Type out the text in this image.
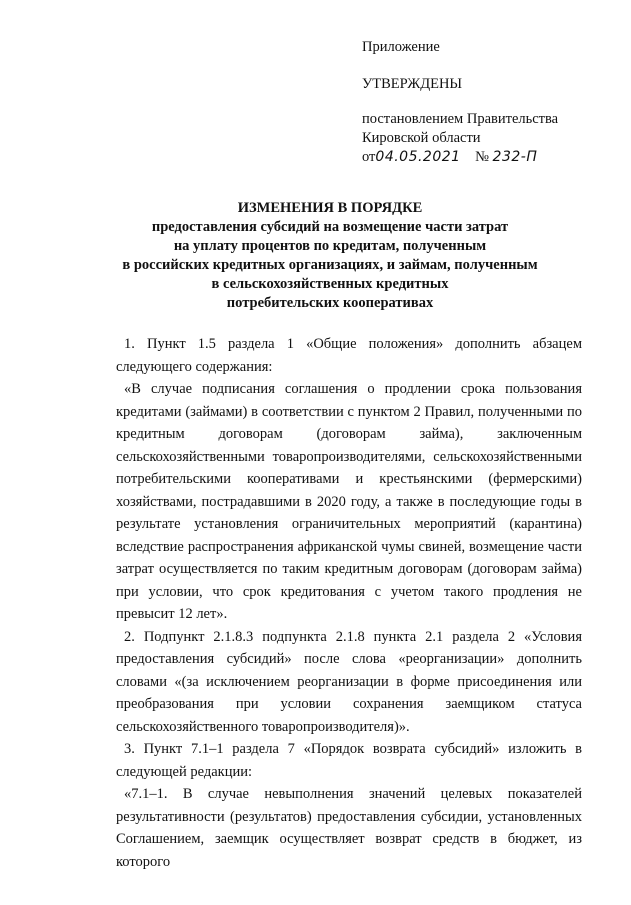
Приложение
УТВЕРЖДЕНЫ
постановлением Правительства
Кировской области
от04.05.2021 № 232-П
ИЗМЕНЕНИЯ В ПОРЯДКЕ
предоставления субсидий на возмещение части затрат
на уплату процентов по кредитам, полученным
в российских кредитных организациях, и займам, полученным
в сельскохозяйственных кредитных
потребительских кооперативах

1. Пункт 1.5 раздела 1 «Общие положения» дополнить абзацем следующего содержания:

«В случае подписания соглашения о продлении срока пользования кредитами (займами) в соответствии с пунктом 2 Правил, полученными по кредитным договорам (договорам займа), заключенным сельскохозяйственными товаропроизводителями, сельскохозяйственными потребительскими кооперативами и крестьянскими (фермерскими) хозяйствами, пострадавшими в 2020 году, а также в последующие годы в результате установления ограничительных мероприятий (карантина) вследствие распространения африканской чумы свиней, возмещение части затрат осуществляется по таким кредитным договорам (договорам займа) при условии, что срок кредитования с учетом такого продления не превысит 12 лет».

2. Подпункт 2.1.8.3 подпункта 2.1.8 пункта 2.1 раздела 2 «Условия предоставления субсидий» после слова «реорганизации» дополнить словами «(за исключением реорганизации в форме присоединения или преобразования при условии сохранения заемщиком статуса сельскохозяйственного товаропроизводителя)».

3. Пункт 7.1–1 раздела 7 «Порядок возврата субсидий» изложить в следующей редакции:

«7.1–1. В случае невыполнения значений целевых показателей результативности (результатов) предоставления субсидии, установленных Соглашением, заемщик осуществляет возврат средств в бюджет, из которого
